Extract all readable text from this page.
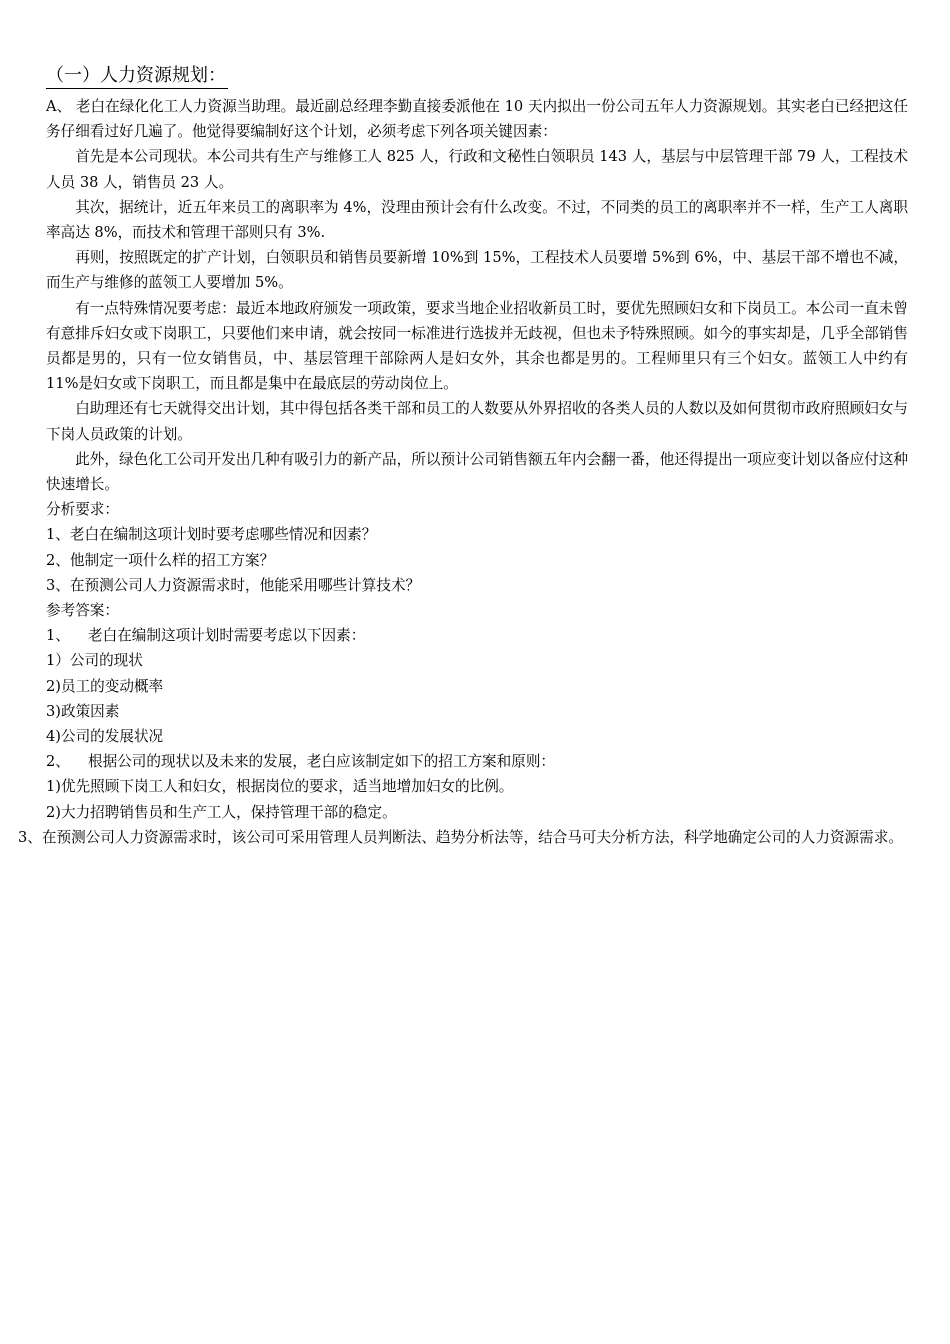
（一）人力资源规划：

A、 老白在绿化化工人力资源当助理。最近副总经理李勤直接委派他在 10 天内拟出一份公司五年人力资源规划。其实老白已经把这任务仔细看过好几遍了。他觉得要编制好这个计划，必须考虑下列各项关键因素：

首先是本公司现状。本公司共有生产与维修工人 825 人，行政和文秘性白领职员 143 人，基层与中层管理干部 79 人，工程技术人员 38 人，销售员 23 人。

其次，据统计，近五年来员工的离职率为 4%，没理由预计会有什么改变。不过，不同类的员工的离职率并不一样，生产工人离职率高达 8%，而技术和管理干部则只有 3%.

再则，按照既定的扩产计划，白领职员和销售员要新增 10%到 15%，工程技术人员要增 5%到 6%，中、基层干部不增也不减，而生产与维修的蓝领工人要增加 5%。

有一点特殊情况要考虑：最近本地政府颁发一项政策，要求当地企业招收新员工时，要优先照顾妇女和下岗员工。本公司一直未曾有意排斥妇女或下岗职工，只要他们来申请，就会按同一标准进行选拔并无歧视，但也未予特殊照顾。如今的事实却是，几乎全部销售员都是男的，只有一位女销售员，中、基层管理干部除两人是妇女外，其余也都是男的。工程师里只有三个妇女。蓝领工人中约有 11%是妇女或下岗职工，而且都是集中在最底层的劳动岗位上。

白助理还有七天就得交出计划，其中得包括各类干部和员工的人数要从外界招收的各类人员的人数以及如何贯彻市政府照顾妇女与下岗人员政策的计划。

此外，绿色化工公司开发出几种有吸引力的新产品，所以预计公司销售额五年内会翻一番，他还得提出一项应变计划以备应付这种快速增长。

分析要求：

1、老白在编制这项计划时要考虑哪些情况和因素？

2、他制定一项什么样的招工方案？

3、在预测公司人力资源需求时，他能采用哪些计算技术？

参考答案：

1、 老白在编制这项计划时需要考虑以下因素：

1）公司的现状

2)员工的变动概率

3)政策因素

4)公司的发展状况

2、 根据公司的现状以及未来的发展，老白应该制定如下的招工方案和原则：

1)优先照顾下岗工人和妇女，根据岗位的要求，适当地增加妇女的比例。

2)大力招聘销售员和生产工人，保持管理干部的稳定。

3、在预测公司人力资源需求时，该公司可采用管理人员判断法、趋势分析法等，结合马可夫分析方法，科学地确定公司的人力资源需求。
